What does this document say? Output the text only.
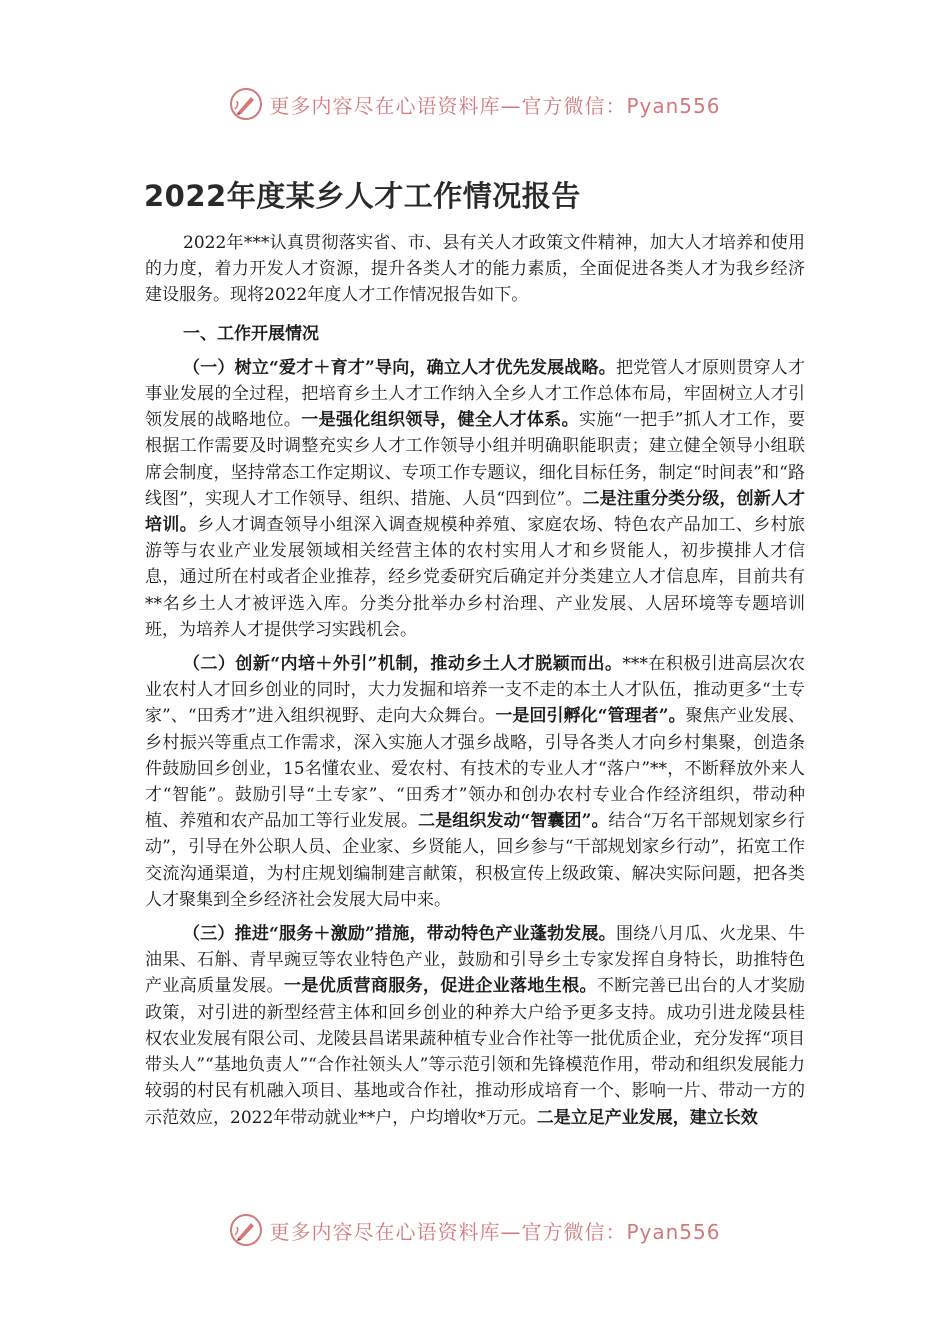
更多内容尽在心语资料库—官方微信：Pyan556
2022年度某乡人才工作情况报告

2022年***认真贯彻落实省、市、县有关人才政策文件精神，加大人才培养和使用的力度，着力开发人才资源，提升各类人才的能力素质，全面促进各类人才为我乡经济建设服务。现将2022年度人才工作情况报告如下。

一、工作开展情况

（一）树立“爱才＋育才”导向，确立人才优先发展战略。把党管人才原则贯穿人才事业发展的全过程，把培育乡土人才工作纳入全乡人才工作总体布局，牢固树立人才引领发展的战略地位。一是强化组织领导，健全人才体系。实施“一把手”抓人才工作，要根据工作需要及时调整充实乡人才工作领导小组并明确职能职责；建立健全领导小组联席会制度，坚持常态工作定期议、专项工作专题议，细化目标任务，制定“时间表”和“路线图”，实现人才工作领导、组织、措施、人员“四到位”。二是注重分类分级，创新人才培训。乡人才调查领导小组深入调查规模种养殖、家庭农场、特色农产品加工、乡村旅游等与农业产业发展领域相关经营主体的农村实用人才和乡贤能人，初步摸排人才信息，通过所在村或者企业推荐，经乡党委研究后确定并分类建立人才信息库，目前共有**名乡土人才被评选入库。分类分批举办乡村治理、产业发展、人居环境等专题培训班，为培养人才提供学习实践机会。

（二）创新“内培＋外引”机制，推动乡土人才脱颖而出。***在积极引进高层次农业农村人才回乡创业的同时，大力发掘和培养一支不走的本土人才队伍，推动更多“土专家”、“田秀才”进入组织视野、走向大众舞台。一是回引孵化“管理者”。聚焦产业发展、乡村振兴等重点工作需求，深入实施人才强乡战略，引导各类人才向乡村集聚，创造条件鼓励回乡创业，15名懂农业、爱农村、有技术的专业人才“落户”**，不断释放外来人才“智能”。鼓励引导“土专家”、“田秀才”领办和创办农村专业合作经济组织，带动种植、养殖和农产品加工等行业发展。二是组织发动“智囊团”。结合“万名干部规划家乡行动”，引导在外公职人员、企业家、乡贤能人，回乡参与“干部规划家乡行动”，拓宽工作交流沟通渠道，为村庄规划编制建言献策，积极宣传上级政策、解决实际问题，把各类人才聚集到全乡经济社会发展大局中来。

（三）推进“服务＋激励”措施，带动特色产业蓬勃发展。围绕八月瓜、火龙果、牛油果、石斛、青早豌豆等农业特色产业，鼓励和引导乡土专家发挥自身特长，助推特色产业高质量发展。一是优质营商服务，促进企业落地生根。不断完善已出台的人才奖励政策，对引进的新型经营主体和回乡创业的种养大户给予更多支持。成功引进龙陵县桂权农业发展有限公司、龙陵县昌诺果蔬种植专业合作社等一批优质企业，充分发挥“项目带头人”“基地负责人”“合作社领头人”等示范引领和先锋模范作用，带动和组织发展能力较弱的村民有机融入项目、基地或合作社，推动形成培育一个、影响一片、带动一方的示范效应，2022年带动就业**户，户均增收*万元。二是立足产业发展，建立长效

更多内容尽在心语资料库—官方微信：Pyan556
